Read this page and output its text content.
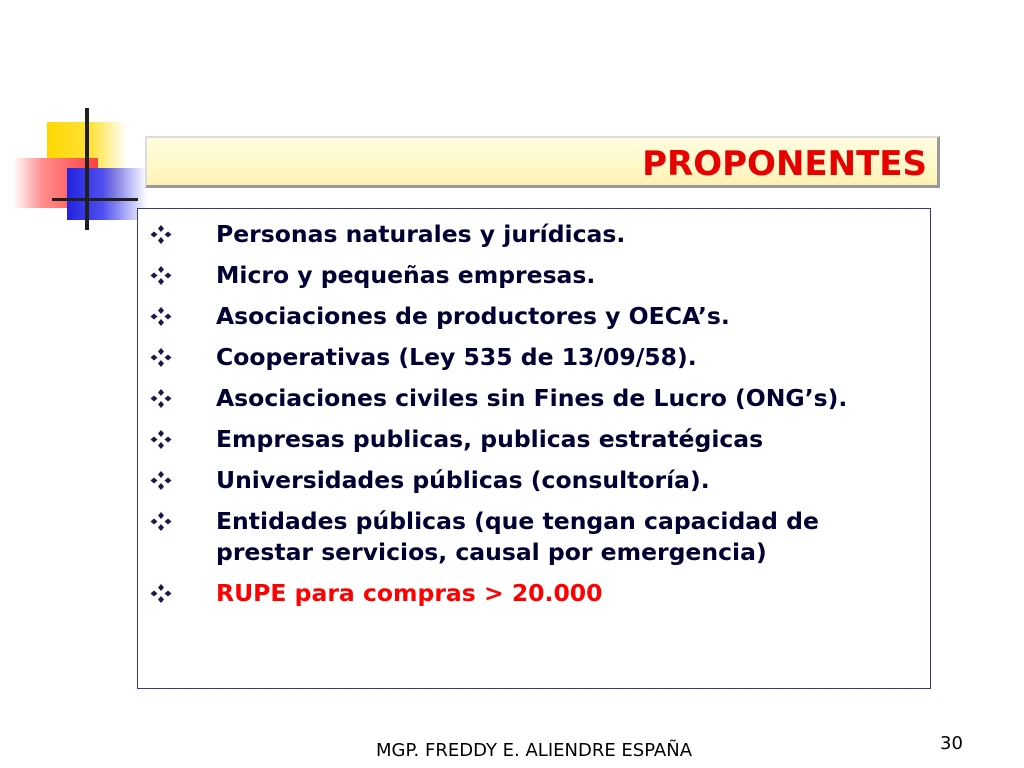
PROPONENTES
Personas naturales y jurídicas.
Micro y pequeñas empresas.
Asociaciones de productores y OECA’s.
Cooperativas (Ley 535 de 13/09/58).
Asociaciones civiles sin Fines de Lucro (ONG’s).
Empresas publicas, publicas estratégicas
Universidades públicas (consultoría).
Entidades públicas (que tengan capacidad de prestar servicios, causal por emergencia)
RUPE para compras > 20.000
MGP. FREDDY E. ALIENDRE ESPAÑA	30
